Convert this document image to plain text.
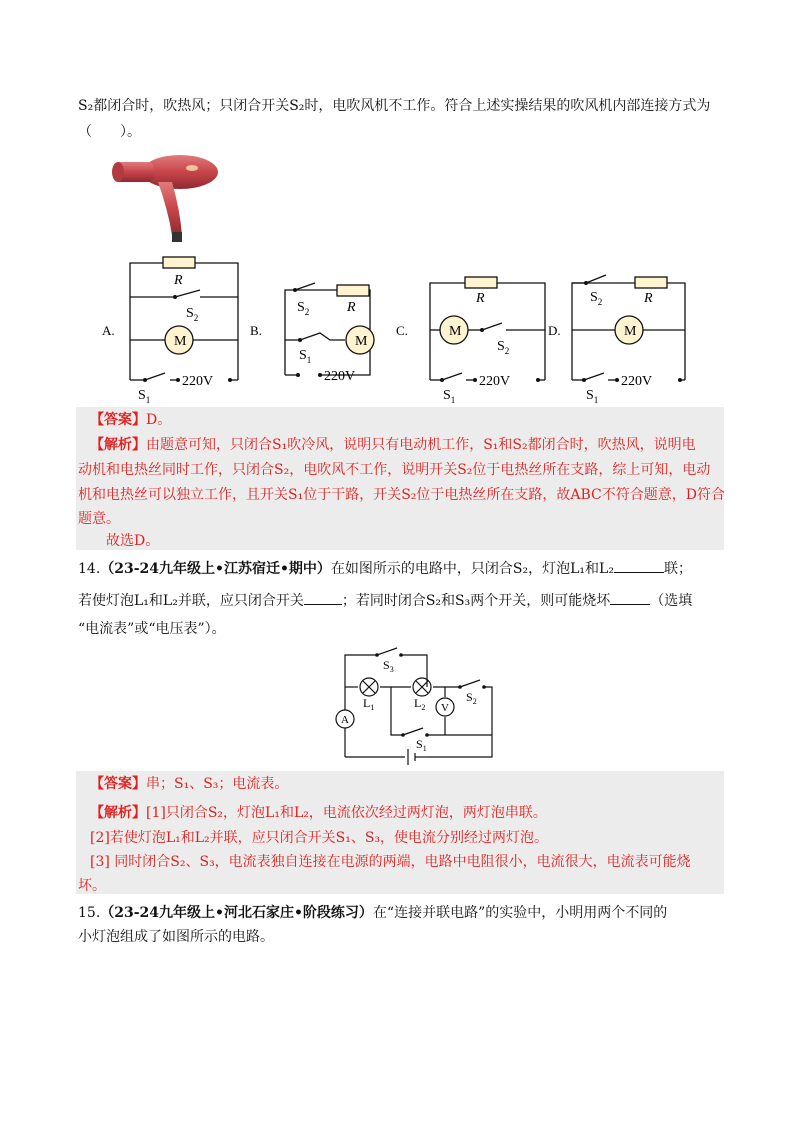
S₂都闭合时，吹热风；只闭合开关S₂时，电吹风机不工作。符合上述实操结果的吹风机内部连接方式为
（　　）。
R
R
R	R
M	M
M	M
220V	220V	220V	220V
$S_2$
$S_1$
$S_2$
$S_1$
$S_2$
$S_1$
$S_2$
$S_1$
A.	B.	C.	D.
【答案】D。
【解析】由题意可知，只闭合S₁吹冷风，说明只有电动机工作，S₁和S₂都闭合时，吹热风，说明电
动机和电热丝同时工作，只闭合S₂，电吹风不工作，说明开关S₂位于电热丝所在支路，综上可知，电动
机和电热丝可以独立工作，且开关S₁位于干路，开关S₂位于电热丝所在支路，故ABC不符合题意，D符合
题意。
故选D。
14.（23-24九年级上•江苏宿迁•期中）在如图所示的电路中，只闭合S₂，灯泡L₁和L₂	联；
若使灯泡L₁和L₂并联，应只闭合开关	；若同时闭合S₂和S₃两个开关，则可能烧坏	（选填
“电流表”或“电压表”）。
$S_3$
$L_1$	$L_2$
$S_2$
$S_1$
A
V
【答案】串；S₁、S₃；电流表。
【解析】[1]只闭合S₂，灯泡L₁和L₂，电流依次经过两灯泡，两灯泡串联。
[2]若使灯泡L₁和L₂并联，应只闭合开关S₁、S₃，使电流分别经过两灯泡。
[3] 同时闭合S₂、S₃，电流表独自连接在电源的两端，电路中电阻很小，电流很大，电流表可能烧
坏。
15.（23-24九年级上•河北石家庄•阶段练习）在“连接并联电路”的实验中，小明用两个不同的
小灯泡组成了如图所示的电路。
